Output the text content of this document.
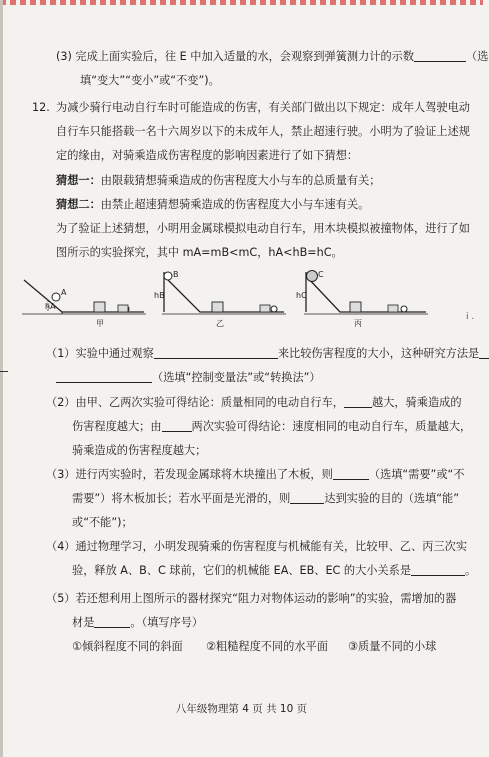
i .
(3) 完成上面实验后，往 E 中加入适量的水，会观察到弹簧测力计的示数	（选
填“变大”“变小”或“不变”)。
12. 为减少骑行电动自行车时可能造成的伤害，有关部门做出以下规定：成年人驾驶电动
自行车只能搭载一名十六周岁以下的未成年人，禁止超速行驶。小明为了验证上述规
定的缘由，对骑乘造成伤害程度的影响因素进行了如下猜想：
猜想一：由限载猜想骑乘造成的伤害程度大小与车的总质量有关；
猜想二：由禁止超速猜想骑乘造成的伤害程度大小与车速有关。
为了验证上述猜想，小明用金属球模拟电动自行车，用木块模拟被撞物体，进行了如
图所示的实验探究，其中 mA=mB<mC，hA<hB=hC。
hA
A
甲
hB
B
乙
hC
C
丙
（1）实验中通过观察	来比较伤害程度的大小，这种研究方法是
（选填“控制变量法”或“转换法”）
（2）由甲、乙两次实验可得结论：质量相同的电动自行车，	越大，骑乘造成的
伤害程度越大；由	两次实验可得结论：速度相同的电动自行车，质量越大，
骑乘造成的伤害程度越大；
（3）进行丙实验时，若发现金属球将木块撞出了木板，则	（选填“需要”或“不
需要”）将木板加长；若水平面是光滑的，则	达到实验的目的（选填“能”
或“不能”)；
（4）通过物理学习，小明发现骑乘的伤害程度与机械能有关，比较甲、乙、丙三次实
验，释放 A、B、C 球前，它们的机械能 EA、EB、EC 的大小关系是	。
（5）若还想利用上图所示的器材探究“阻力对物体运动的影响”的实验，需增加的器
材是	。（填写序号）
①倾斜程度不同的斜面 ②粗糙程度不同的水平面 ③质量不同的小球
八年级物理第 4 页 共 10 页
